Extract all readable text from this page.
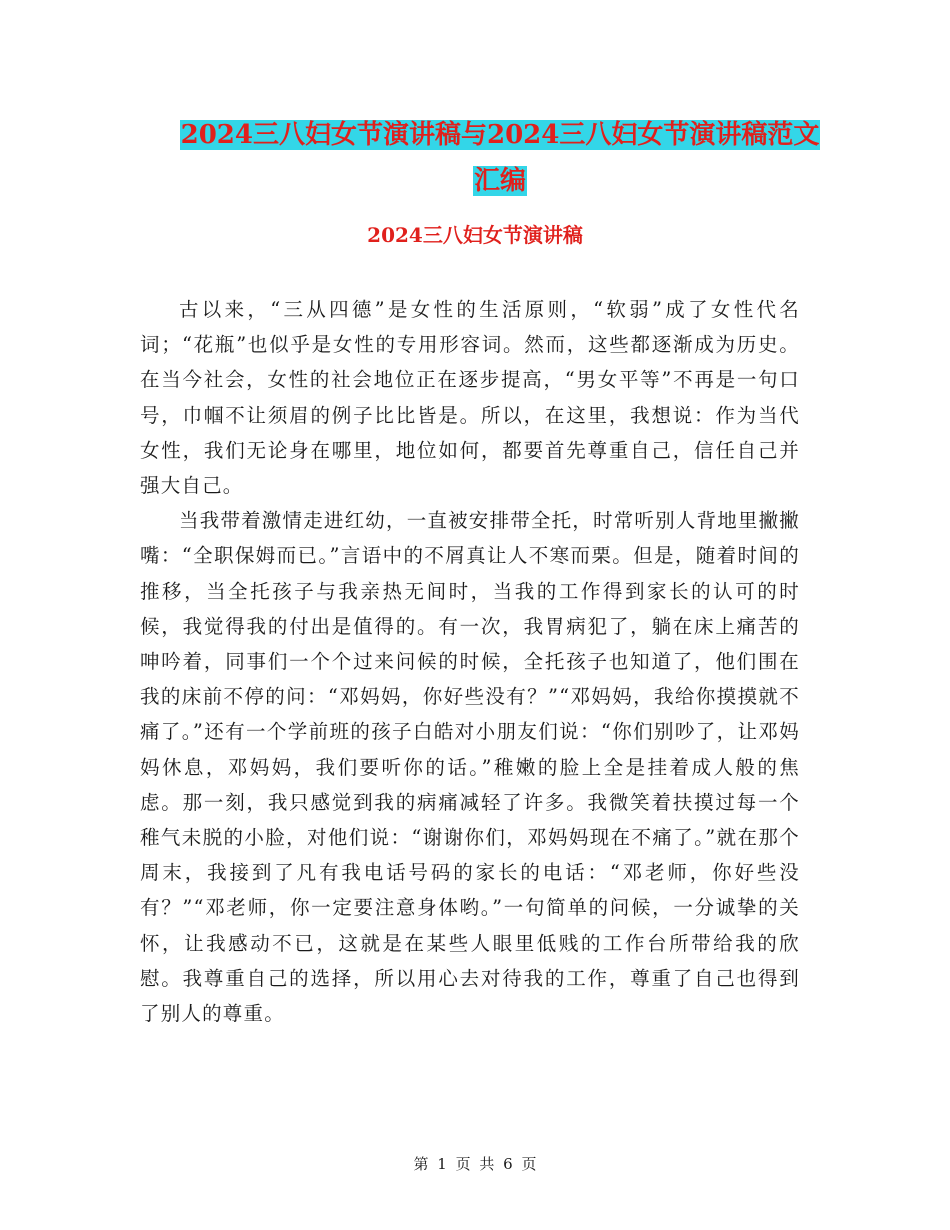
2024三八妇女节演讲稿与2024三八妇女节演讲稿范文
汇编
2024三八妇女节演讲稿

古以来，“三从四德”是女性的生活原则，“软弱”成了女性代名词；“花瓶”也似乎是女性的专用形容词。然而，这些都逐渐成为历史。在当今社会，女性的社会地位正在逐步提高，“男女平等”不再是一句口号，巾帼不让须眉的例子比比皆是。所以，在这里，我想说：作为当代女性，我们无论身在哪里，地位如何，都要首先尊重自己，信任自己并强大自己。

当我带着激情走进红幼，一直被安排带全托，时常听别人背地里撇撇嘴：“全职保姆而已。”言语中的不屑真让人不寒而栗。但是，随着时间的推移，当全托孩子与我亲热无间时，当我的工作得到家长的认可的时候，我觉得我的付出是值得的。有一次，我胃病犯了，躺在床上痛苦的呻吟着，同事们一个个过来问候的时候，全托孩子也知道了，他们围在我的床前不停的问：“邓妈妈，你好些没有？”“邓妈妈，我给你摸摸就不痛了。”还有一个学前班的孩子白皓对小朋友们说：“你们别吵了，让邓妈妈休息，邓妈妈，我们要听你的话。”稚嫩的脸上全是挂着成人般的焦虑。那一刻，我只感觉到我的病痛减轻了许多。我微笑着扶摸过每一个稚气未脱的小脸，对他们说：“谢谢你们，邓妈妈现在不痛了。”就在那个周末，我接到了凡有我电话号码的家长的电话：“邓老师，你好些没有？”“邓老师，你一定要注意身体哟。”一句简单的问候，一分诚挚的关怀，让我感动不已，这就是在某些人眼里低贱的工作台所带给我的欣慰。我尊重自己的选择，所以用心去对待我的工作，尊重了自己也得到了别人的尊重。

第 1 页 共 6 页
